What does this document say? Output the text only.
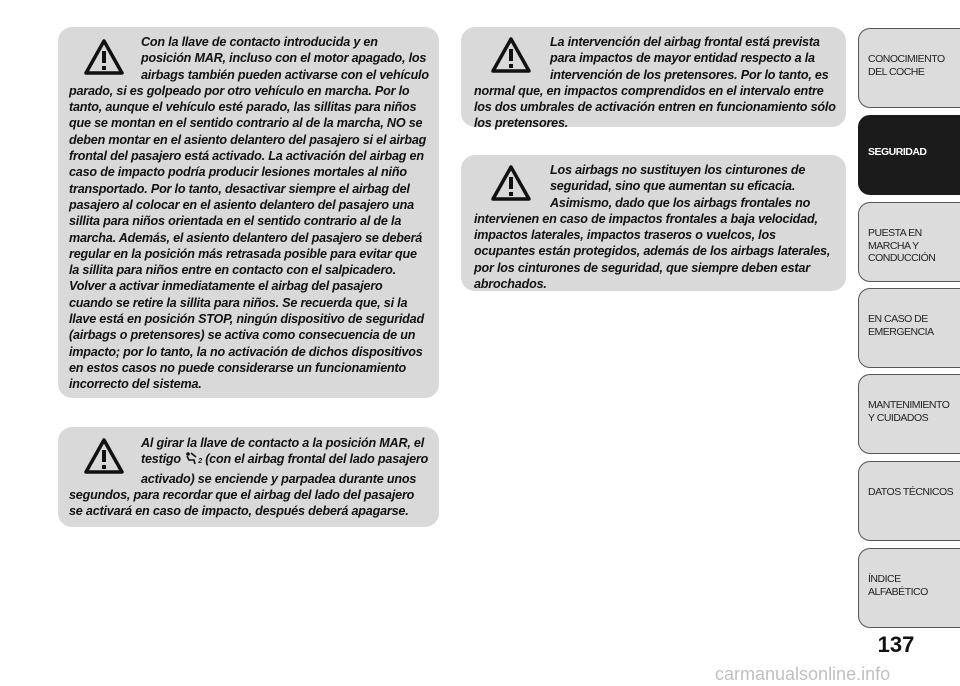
Con la llave de contacto introducida y en posición MAR, incluso con el motor apagado, los airbags también pueden activarse con el vehículo parado, si es golpeado por otro vehículo en marcha. Por lo tanto, aunque el vehículo esté parado, las sillitas para niños que se montan en el sentido contrario al de la marcha, NO se deben montar en el asiento delantero del pasajero si el airbag frontal del pasajero está activado. La activación del airbag en caso de impacto podría producir lesiones mortales al niño transportado. Por lo tanto, desactivar siempre el airbag del pasajero al colocar en el asiento delantero del pasajero una sillita para niños orientada en el sentido contrario al de la marcha. Además, el asiento delantero del pasajero se deberá regular en la posición más retrasada posible para evitar que la sillita para niños entre en contacto con el salpicadero. Volver a activar inmediatamente el airbag del pasajero cuando se retire la sillita para niños. Se recuerda que, si la llave está en posición STOP, ningún dispositivo de seguridad (airbags o pretensores) se activa como consecuencia de un impacto; por lo tanto, la no activación de dichos dispositivos en estos casos no puede considerarse un funcionamiento incorrecto del sistema.

Al girar la llave de contacto a la posición MAR, el testigo 2 (con el airbag frontal del lado pasajero activado) se enciende y parpadea durante unos segundos, para recordar que el airbag del lado del pasajero se activará en caso de impacto, después deberá apagarse.

La intervención del airbag frontal está prevista para impactos de mayor entidad respecto a la intervención de los pretensores. Por lo tanto, es normal que, en impactos comprendidos en el intervalo entre los dos umbrales de activación entren en funcionamiento sólo los pretensores.

Los airbags no sustituyen los cinturones de seguridad, sino que aumentan su eficacia. Asimismo, dado que los airbags frontales no intervienen en caso de impactos frontales a baja velocidad, impactos laterales, impactos traseros o vuelcos, los ocupantes están protegidos, además de los airbags laterales, por los cinturones de seguridad, que siempre deben estar abrochados.

CONOCIMIENTO DEL COCHE
SEGURIDAD
PUESTA EN MARCHA Y CONDUCCIÓN
EN CASO DE EMERGENCIA
MANTENIMIENTO Y CUIDADOS
DATOS TÉCNICOS
ÍNDICE ALFABÉTICO
137
carmanualsonline.info
